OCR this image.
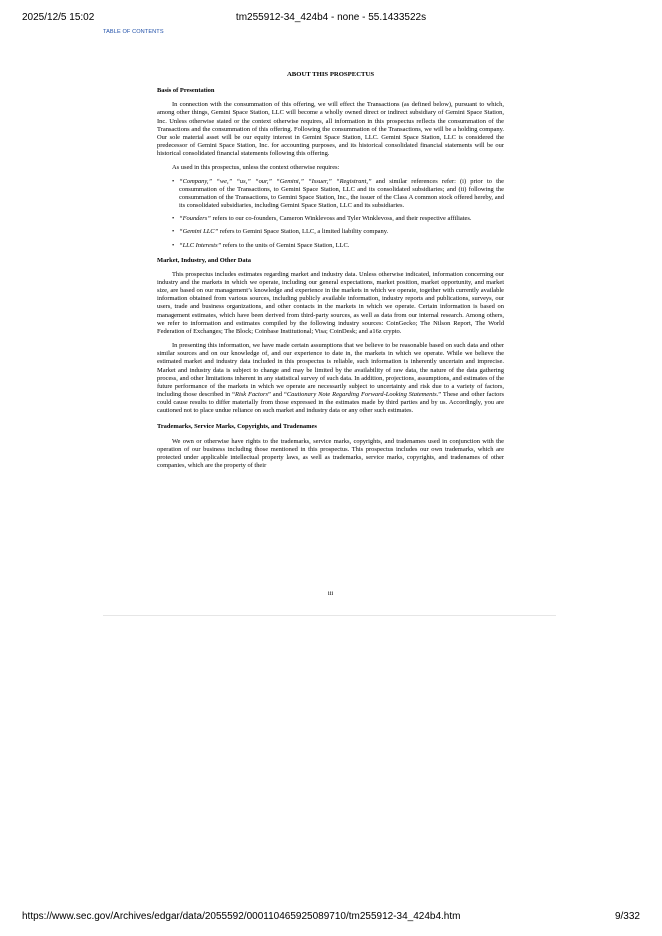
2025/12/5 15:02	tm255912-34_424b4 - none - 55.1433522s
TABLE OF CONTENTS

ABOUT THIS PROSPECTUS

Basis of Presentation

In connection with the consummation of this offering, we will effect the Transactions (as defined below), pursuant to which, among other things, Gemini Space Station, LLC will become a wholly owned direct or indirect subsidiary of Gemini Space Station, Inc. Unless otherwise stated or the context otherwise requires, all information in this prospectus reflects the consummation of the Transactions and the consummation of this offering. Following the consummation of the Transactions, we will be a holding company. Our sole material asset will be our equity interest in Gemini Space Station, LLC. Gemini Space Station, LLC is considered the predecessor of Gemini Space Station, Inc. for accounting purposes, and its historical consolidated financial statements will be our historical consolidated financial statements following this offering.

As used in this prospectus, unless the context otherwise requires:

• “Company,” “we,” “us,” “our,” “Gemini,” “Issuer,” “Registrant,” and similar references refer: (i) prior to the consummation of the Transactions, to Gemini Space Station, LLC and its consolidated subsidiaries; and (ii) following the consummation of the Transactions, to Gemini Space Station, Inc., the issuer of the Class A common stock offered hereby, and its consolidated subsidiaries, including Gemini Space Station, LLC and its subsidiaries.
• “Founders” refers to our co-founders, Cameron Winklevoss and Tyler Winklevoss, and their respective affiliates.
• “Gemini LLC” refers to Gemini Space Station, LLC, a limited liability company.
• “LLC Interests” refers to the units of Gemini Space Station, LLC.

Market, Industry, and Other Data

This prospectus includes estimates regarding market and industry data. Unless otherwise indicated, information concerning our industry and the markets in which we operate, including our general expectations, market position, market opportunity, and market size, are based on our management’s knowledge and experience in the markets in which we operate, together with currently available information obtained from various sources, including publicly available information, industry reports and publications, surveys, our users, trade and business organizations, and other contacts in the markets in which we operate. Certain information is based on management estimates, which have been derived from third-party sources, as well as data from our internal research. Among others, we refer to information and estimates compiled by the following industry sources: CoinGecko; The Nilson Report, The World Federation of Exchanges; The Block; Coinbase Institutional; Visa; CoinDesk; and a16z crypto.

In presenting this information, we have made certain assumptions that we believe to be reasonable based on such data and other similar sources and on our knowledge of, and our experience to date in, the markets in which we operate. While we believe the estimated market and industry data included in this prospectus is reliable, such information is inherently uncertain and imprecise. Market and industry data is subject to change and may be limited by the availability of raw data, the nature of the data gathering process, and other limitations inherent in any statistical survey of such data. In addition, projections, assumptions, and estimates of the future performance of the markets in which we operate are necessarily subject to uncertainty and risk due to a variety of factors, including those described in “Risk Factors” and “Cautionary Note Regarding Forward-Looking Statements.” These and other factors could cause results to differ materially from those expressed in the estimates made by third parties and by us. Accordingly, you are cautioned not to place undue reliance on such market and industry data or any other such estimates.

Trademarks, Service Marks, Copyrights, and Tradenames

We own or otherwise have rights to the trademarks, service marks, copyrights, and tradenames used in conjunction with the operation of our business including those mentioned in this prospectus. This prospectus includes our own trademarks, which are protected under applicable intellectual property laws, as well as trademarks, service marks, copyrights, and tradenames of other companies, which are the property of their

iii
https://www.sec.gov/Archives/edgar/data/2055592/000110465925089710/tm255912-34_424b4.htm	9/332
